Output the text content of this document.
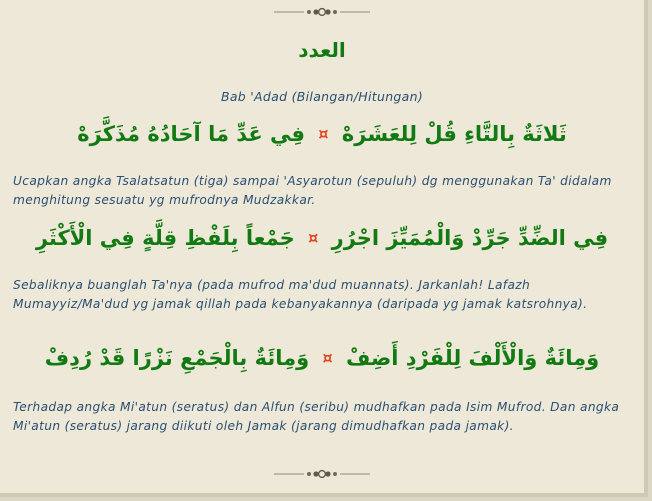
العدد
Bab 'Adad (Bilangan/Hitungan)
ثَلاثَةٌ بِالتَّاءِ قُلْ لِلعَشَرَهْ ¤ فِي عَدِّ مَا آحَادُهُ مُذَكَّرَهْ
Ucapkan angka Tsalatsatun (tiga) sampai 'Asyarotun (sepuluh) dg menggunakan Ta' didalam menghitung sesuatu yg mufrodnya Mudzakkar.
فِي الضِّدِّ جَرِّدْ وَالْمُمَيِّزَ اجْرُرِ ¤ جَمْعاً بِلَفْظِ قِلَّةٍ فِي الْأَكْثَرِ
Sebaliknya buanglah Ta'nya (pada mufrod ma'dud muannats). Jarkanlah! Lafazh Mumayyiz/Ma'dud yg jamak qillah pada kebanyakannya (daripada yg jamak katsrohnya).
وَمِائَةٌ وَالْأَلْفَ لِلْفَرْدِ أَضِفْ ¤ وَمِائَةٌ بِالْجَمْعِ نَزْرًا قَدْ رُدِفْ
Terhadap angka Mi'atun (seratus) dan Alfun (seribu) mudhafkan pada Isim Mufrod. Dan angka Mi'atun (seratus) jarang diikuti oleh Jamak (jarang dimudhafkan pada jamak).
